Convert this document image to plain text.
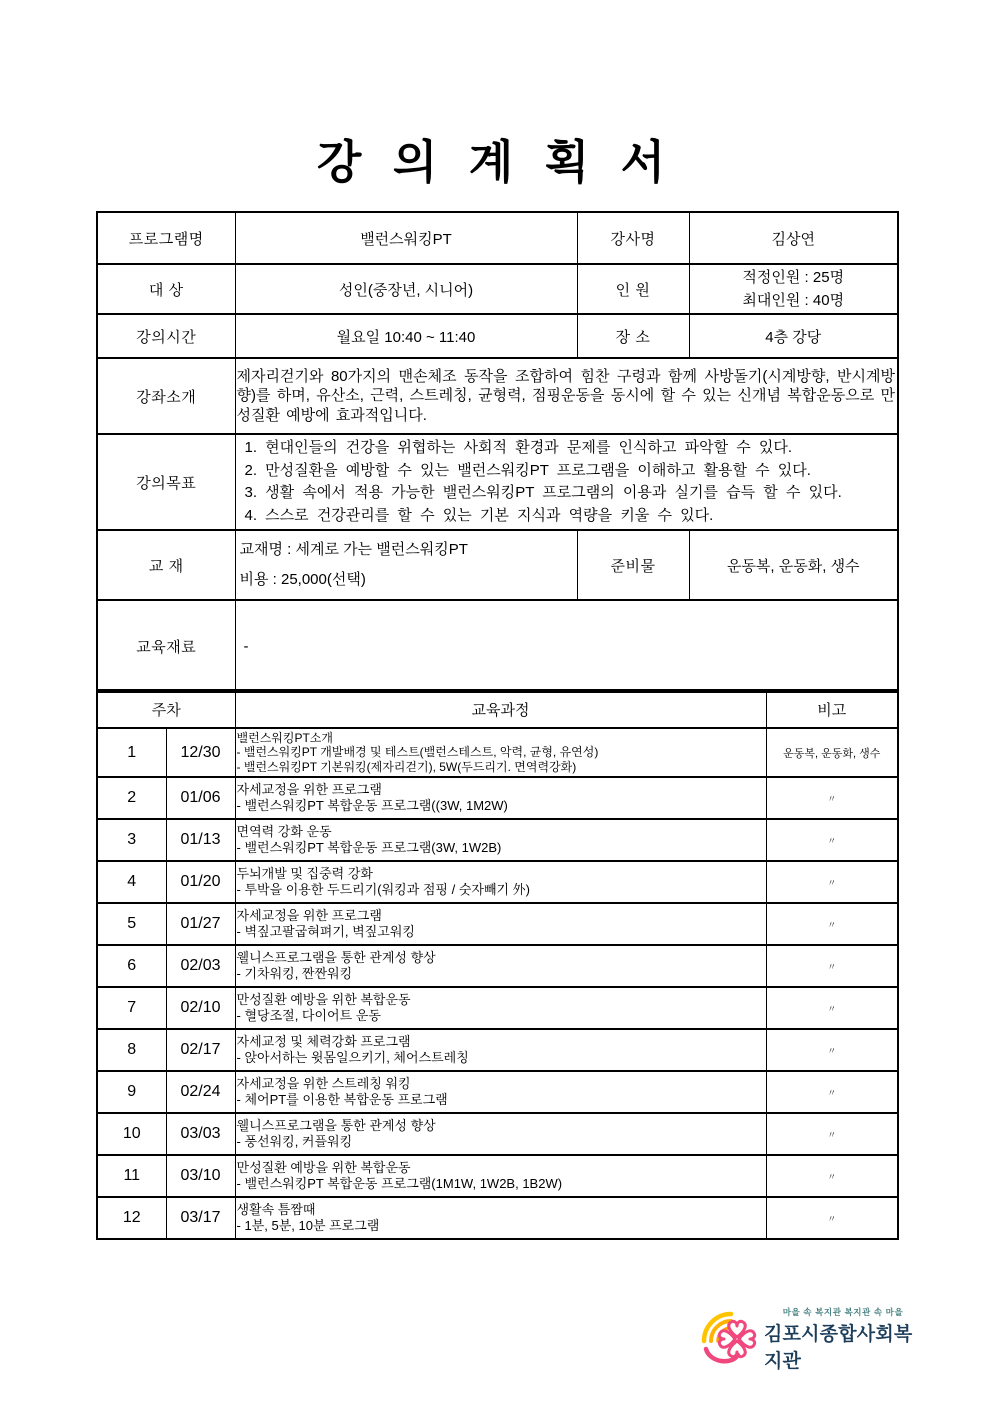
강 의 계 획 서
프로그램명	밸런스워킹PT	강사명	김상연
대 상	성인(중장년, 시니어)	인 원	적정인원 : 25명
최대인원 : 40명

강의시간	월요일 10:40 ~ 11:40	장 소	4층 강당
강좌소개	제자리걷기와 80가지의 맨손체조 동작을 조합하여 힘찬 구령과 함께 사방돌기(시계방향, 반시계방향)를 하며, 유산소, 근력, 스트레칭, 균형력, 점핑운동을 동시에 할 수 있는 신개념 복합운동으로 만성질환 예방에 효과적입니다.		

강의목표	1. 현대인들의 건강을 위협하는 사회적 환경과 문제를 인식하고 파악할 수 있다.
2. 만성질환을 예방할 수 있는 밸런스워킹PT 프로그램을 이해하고 활용할 수 있다.
3. 생활 속에서 적용 가능한 밸런스워킹PT 프로그램의 이용과 실기를 습득 할 수 있다.
4. 스스로 건강관리를 할 수 있는 기본 지식과 역량을 키울 수 있다.		

교 재	교재명 : 세계로 가는 밸런스워킹PT
비용 : 25,000(선택)	준비물	운동복, 운동화, 생수
교육재료	-		
주차		교육과정	비고
1	12/30	밸런스워킹PT소개
- 밸런스워킹PT 개발배경 및 테스트(밸런스테스트, 악력, 균형, 유연성)
- 밸런스워킹PT 기본워킹(제자리걷기), 5W(두드리기. 면역력강화)	운동복, 운동화, 생수
2	01/06	자세교정을 위한 프로그램
- 밸런스워킹PT 복합운동 프로그램((3W, 1M2W)	〃
3	01/13	면역력 강화 운동
- 밸런스워킹PT 복합운동 프로그램(3W, 1W2B)	〃
4	01/20	두뇌개발 및 집중력 강화
- 투박을 이용한 두드리기(워킹과 점핑 / 숫자빼기 外)	〃
5	01/27	자세교정을 위한 프로그램
- 벽짚고팔굽혀펴기, 벽짚고워킹	〃
6	02/03	웰니스프로그램을 통한 관계성 향상
- 기차워킹, 짠짠워킹	〃
7	02/10	만성질환 예방을 위한 복합운동
- 혈당조절, 다이어트 운동	〃
8	02/17	자세교정 및 체력강화 프로그램
- 앉아서하는 윗몸일으키기, 체어스트레칭	〃
9	02/24	자세교정을 위한 스트레칭 워킹
- 체어PT를 이용한 복합운동 프로그램	〃
10	03/03	웰니스프로그램을 통한 관계성 향상
- 풍선워킹, 커플워킹	〃
11	03/10	만성질환 예방을 위한 복합운동
- 밸런스워킹PT 복합운동 프로그램(1M1W, 1W2B, 1B2W)	〃
12	03/17	생활속 틈짬때
- 1분, 5분, 10분 프로그램	〃
마을 속 복지관 복지관 속 마을
김포시종합사회복지관
